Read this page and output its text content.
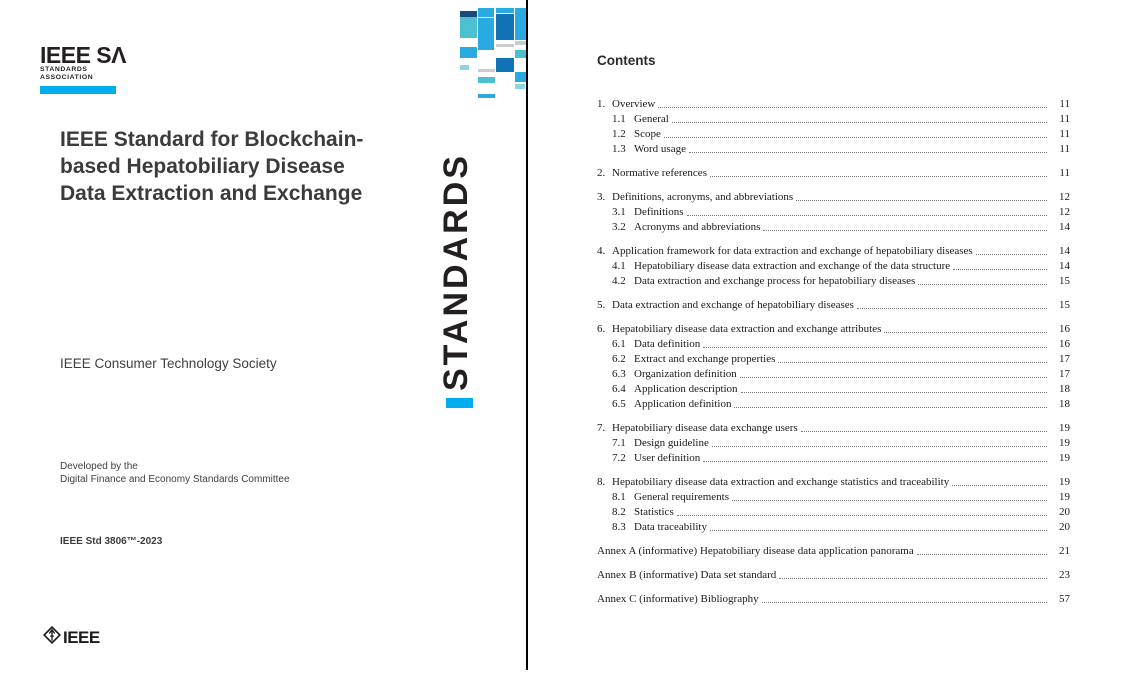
IEEE SΛ
STANDARDS
ASSOCIATION
IEEE Standard for Blockchain-
based Hepatobiliary Disease
Data Extraction and Exchange
IEEE Consumer Technology Society
Developed by the
Digital Finance and Economy Standards Committee
IEEE Std 3806™-2023
IEEE
STANDARDS
Contents
1. Overview	11
1.1 General	11
1.2 Scope	11
1.3 Word usage	11
2. Normative references	11
3. Definitions, acronyms, and abbreviations	12
3.1 Definitions	12
3.2 Acronyms and abbreviations	14
4. Application framework for data extraction and exchange of hepatobiliary diseases	14
4.1 Hepatobiliary disease data extraction and exchange of the data structure	14
4.2 Data extraction and exchange process for hepatobiliary diseases	15
5. Data extraction and exchange of hepatobiliary diseases	15
6. Hepatobiliary disease data extraction and exchange attributes	16
6.1 Data definition	16
6.2 Extract and exchange properties	17
6.3 Organization definition	17
6.4 Application description	18
6.5 Application definition	18
7. Hepatobiliary disease data exchange users	19
7.1 Design guideline	19
7.2 User definition	19
8. Hepatobiliary disease data extraction and exchange statistics and traceability	19
8.1 General requirements	19
8.2 Statistics	20
8.3 Data traceability	20
Annex A (informative) Hepatobiliary disease data application panorama	21
Annex B (informative) Data set standard	23
Annex C (informative) Bibliography	57
